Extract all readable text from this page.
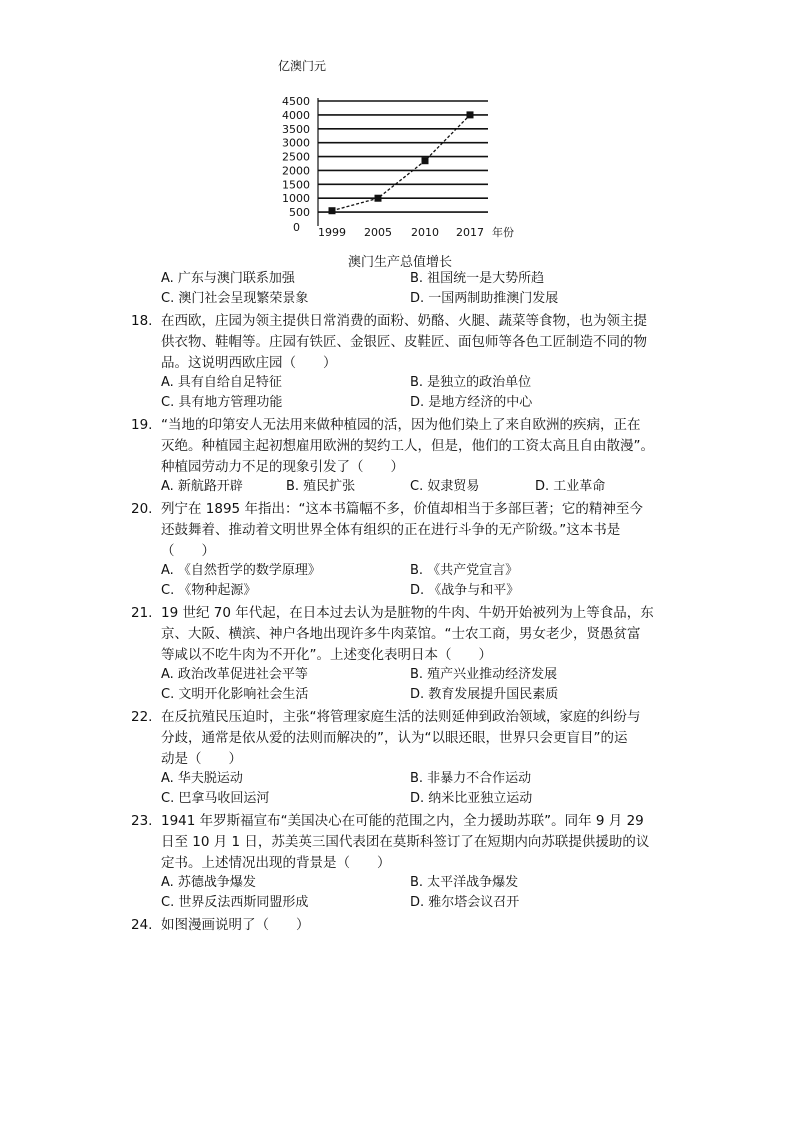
亿澳门元
4500
4000
3500
3000
2500
2000
1500
1000
500
0 1999 2005 2010 2017 年份
澳门生产总值增长
A. 广东与澳门联系加强	B. 祖国统一是大势所趋
C. 澳门社会呈现繁荣景象	D. 一国两制助推澳门发展
18. 在西欧，庄园为领主提供日常消费的面粉、奶酪、火腿、蔬菜等食物，也为领主提
供衣物、鞋帽等。庄园有铁匠、金银匠、皮鞋匠、面包师等各色工匠制造不同的物
品。这说明西欧庄园（　　）
A. 具有自给自足特征	B. 是独立的政治单位
C. 具有地方管理功能	D. 是地方经济的中心
19. “当地的印第安人无法用来做种植园的活，因为他们染上了来自欧洲的疾病，正在
灭绝。种植园主起初想雇用欧洲的契约工人，但是，他们的工资太高且自由散漫”。
种植园劳动力不足的现象引发了（　　）
A. 新航路开辟	B. 殖民扩张	C. 奴隶贸易	D. 工业革命
20. 列宁在 1895 年指出：“这本书篇幅不多，价值却相当于多部巨著；它的精神至今
还鼓舞着、推动着文明世界全体有组织的正在进行斗争的无产阶级。”这本书是
（　　）
A. 《自然哲学的数学原理》	B. 《共产党宣言》
C. 《物种起源》	D. 《战争与和平》
21. 19 世纪 70 年代起，在日本过去认为是脏物的牛肉、牛奶开始被列为上等食品，东
京、大阪、横滨、神户各地出现许多牛肉菜馆。“士农工商，男女老少，贤愚贫富
等咸以不吃牛肉为不开化”。上述变化表明日本（　　）
A. 政治改革促进社会平等	B. 殖产兴业推动经济发展
C. 文明开化影响社会生活	D. 教育发展提升国民素质
22. 在反抗殖民压迫时，主张“将管理家庭生活的法则延伸到政治领域，家庭的纠纷与
分歧，通常是依从爱的法则而解决的”，认为“以眼还眼，世界只会更盲目”的运
动是（　　）
A. 华夫脱运动	B. 非暴力不合作运动
C. 巴拿马收回运河	D. 纳米比亚独立运动
23. 1941 年罗斯福宣布“美国决心在可能的范围之内，全力援助苏联”。同年 9 月 29
日至 10 月 1 日，苏美英三国代表团在莫斯科签订了在短期内向苏联提供援助的议
定书。上述情况出现的背景是（　　）
A. 苏德战争爆发	B. 太平洋战争爆发
C. 世界反法西斯同盟形成	D. 雅尔塔会议召开
24. 如图漫画说明了（　　）
